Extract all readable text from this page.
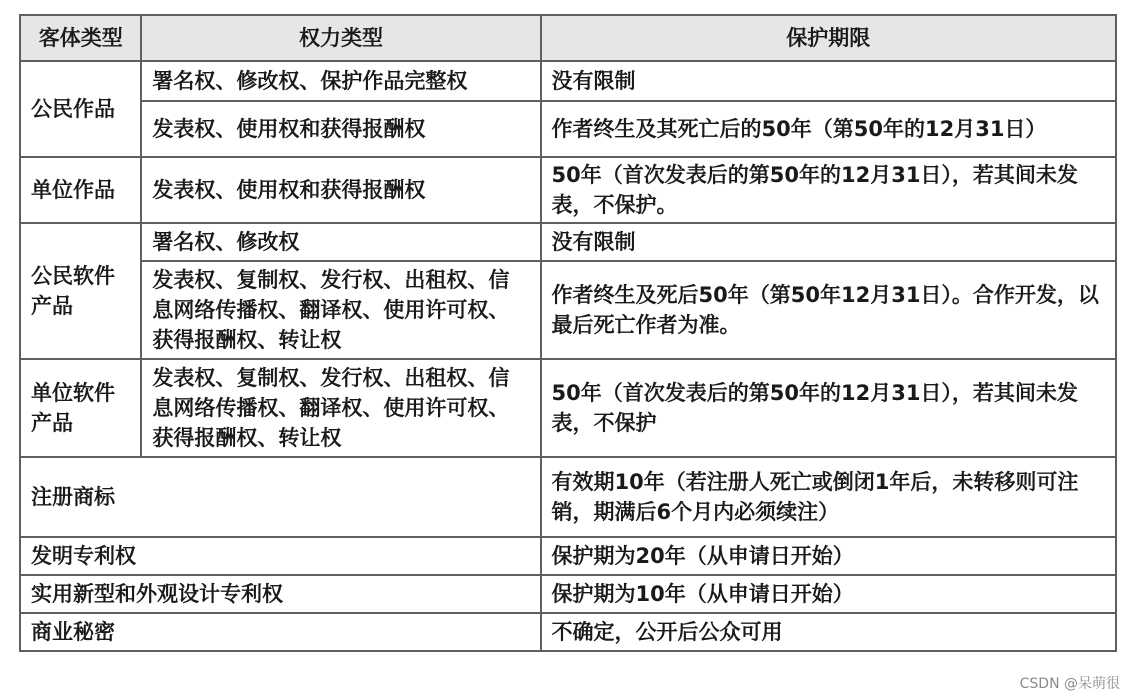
客体类型	权力类型	保护期限
公民作品	署名权、修改权、保护作品完整权	没有限制
	发表权、使用权和获得报酬权	作者终生及其死亡后的50年（第50年的12月31日）
单位作品	发表权、使用权和获得报酬权	50年（首次发表后的第50年的12月31日），若其间未发表，不保护。
公民软件产品	署名权、修改权	没有限制
	发表权、复制权、发行权、出租权、信息网络传播权、翻译权、使用许可权、获得报酬权、转让权	作者终生及死后50年（第50年12月31日）。合作开发，以最后死亡作者为准。
单位软件产品	发表权、复制权、发行权、出租权、信息网络传播权、翻译权、使用许可权、获得报酬权、转让权	50年（首次发表后的第50年的12月31日），若其间未发表，不保护
注册商标		有效期10年（若注册人死亡或倒闭1年后，未转移则可注销，期满后6个月内必须续注）
发明专利权		保护期为20年（从申请日开始）
实用新型和外观设计专利权		保护期为10年（从申请日开始）
商业秘密		不确定，公开后公众可用
CSDN @呆萌很
